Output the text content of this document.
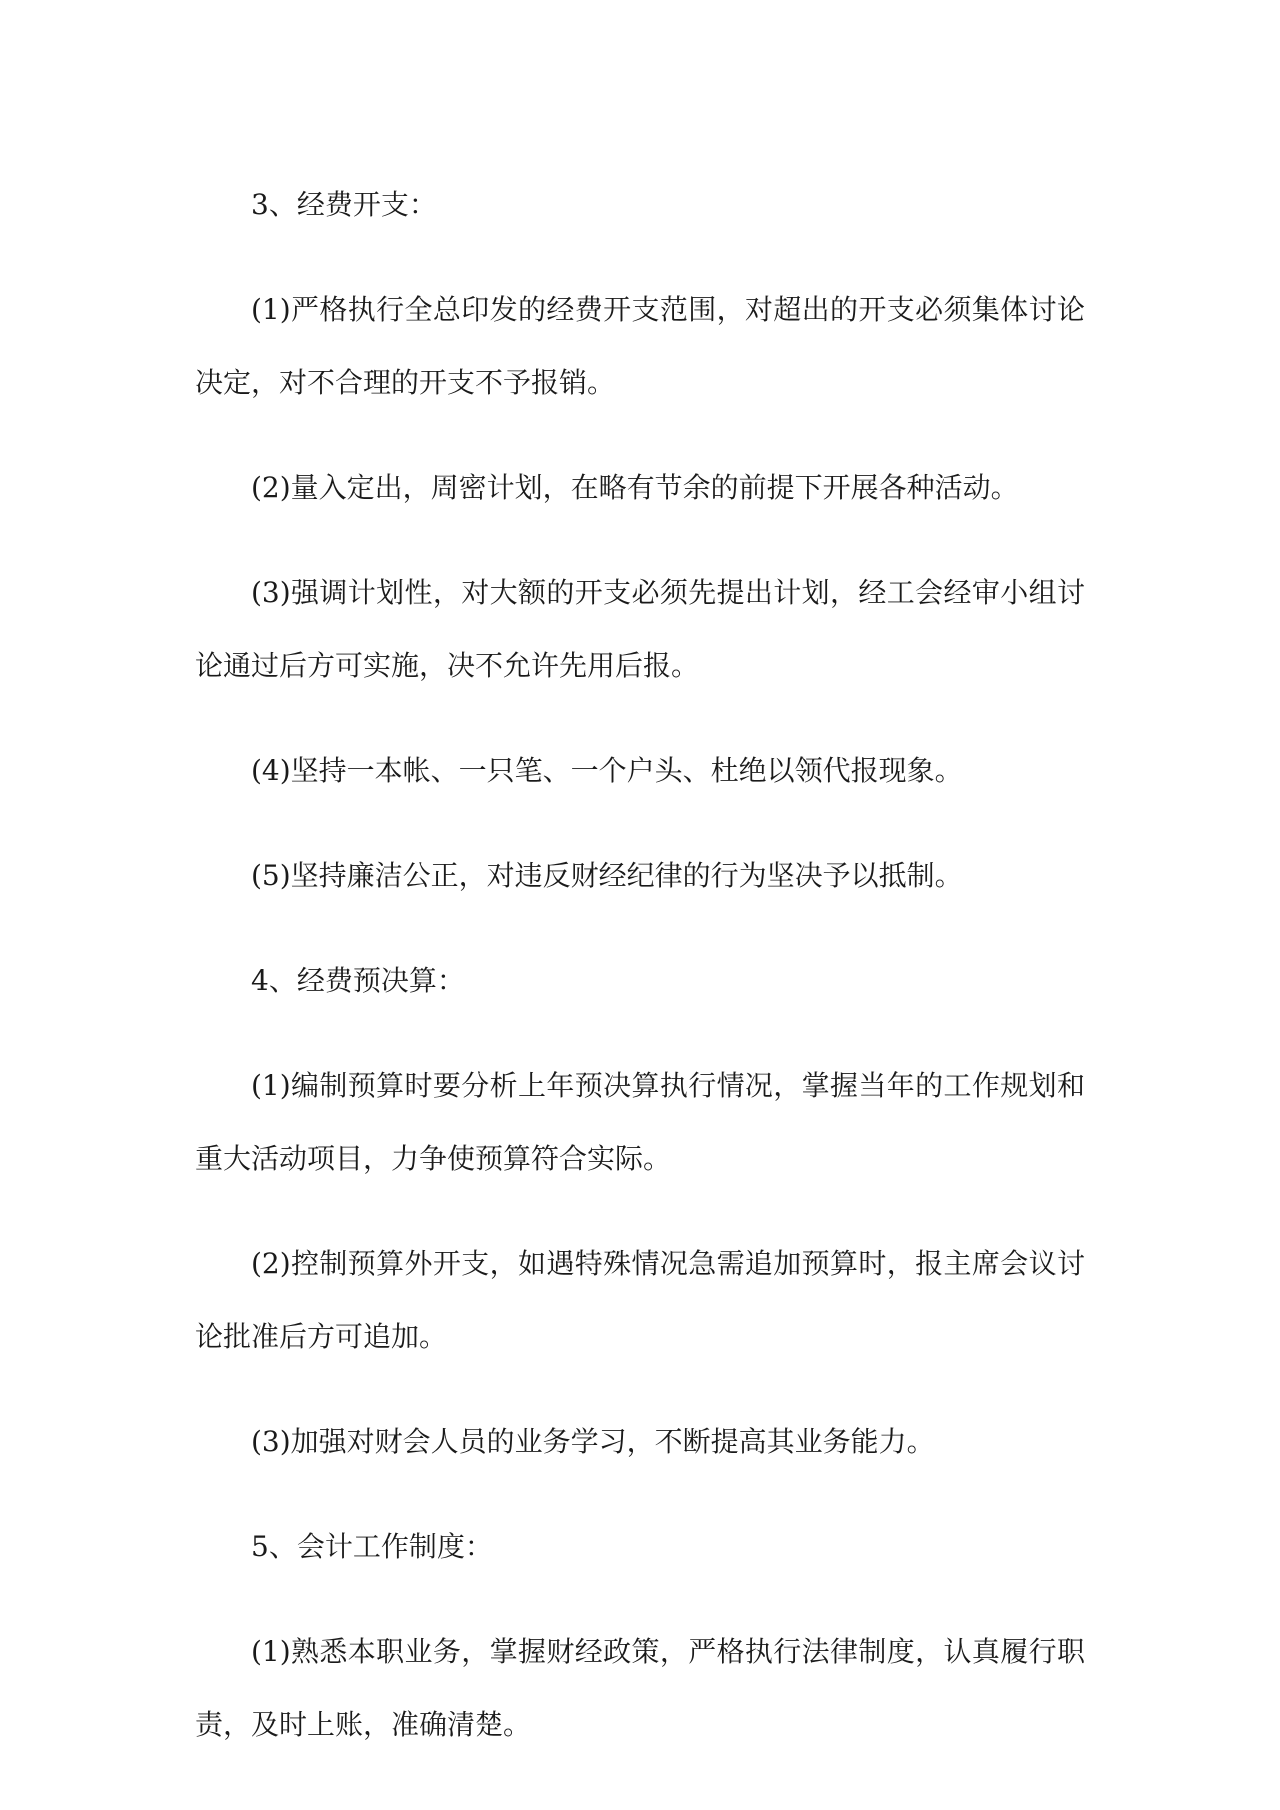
3、经费开支：

(1)严格执行全总印发的经费开支范围，对超出的开支必须集体讨论决定，对不合理的开支不予报销。

(2)量入定出，周密计划，在略有节余的前提下开展各种活动。

(3)强调计划性，对大额的开支必须先提出计划，经工会经审小组讨论通过后方可实施，决不允许先用后报。

(4)坚持一本帐、一只笔、一个户头、杜绝以领代报现象。

(5)坚持廉洁公正，对违反财经纪律的行为坚决予以抵制。

4、经费预决算：

(1)编制预算时要分析上年预决算执行情况，掌握当年的工作规划和重大活动项目，力争使预算符合实际。

(2)控制预算外开支，如遇特殊情况急需追加预算时，报主席会议讨论批准后方可追加。

(3)加强对财会人员的业务学习，不断提高其业务能力。

5、会计工作制度：

(1)熟悉本职业务，掌握财经政策，严格执行法律制度，认真履行职责，及时上账，准确清楚。
